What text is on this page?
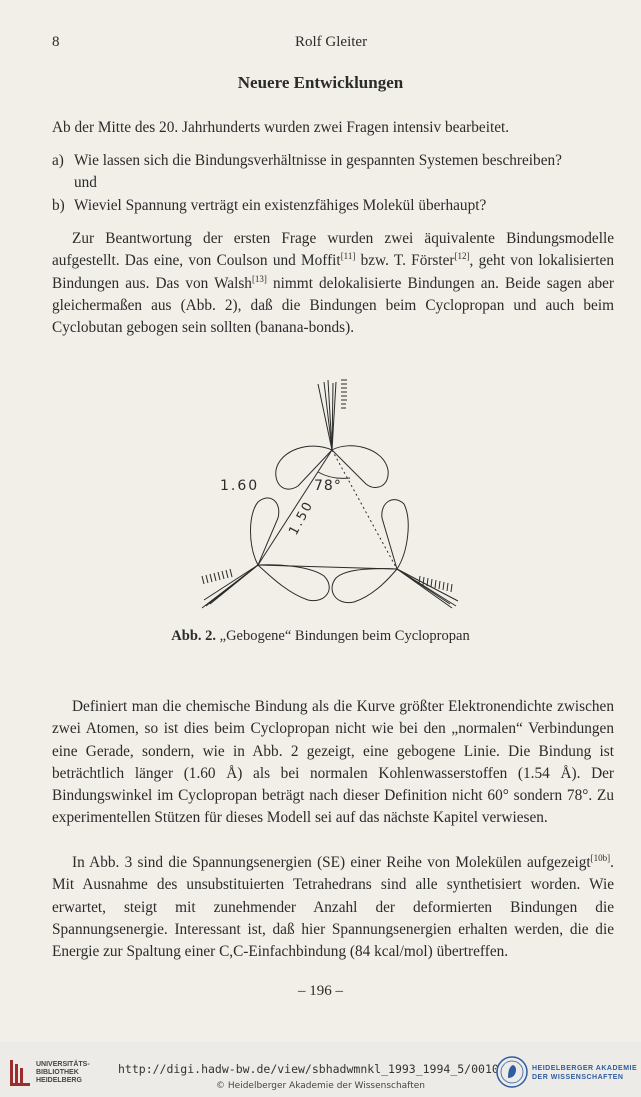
8	Rolf Gleiter
Neuere Entwicklungen

Ab der Mitte des 20. Jahrhunderts wurden zwei Fragen intensiv bearbeitet.

a) Wie lassen sich die Bindungsverhältnisse in gespannten Systemen beschreiben? und
b) Wieviel Spannung verträgt ein existenzfähiges Molekül überhaupt?

Zur Beantwortung der ersten Frage wurden zwei äquivalente Bindungsmodelle aufgestellt. Das eine, von Coulson und Moffit[11] bzw. T. Förster[12], geht von lokalisierten Bindungen aus. Das von Walsh[13] nimmt delokalisierte Bindungen an. Beide sagen aber gleichermaßen aus (Abb. 2), daß die Bindungen beim Cyclopropan und auch beim Cyclobutan gebogen sein sollten (banana-bonds).

1.60	78°
1.50
Abb. 2. „Gebogene“ Bindungen beim Cyclopropan

Definiert man die chemische Bindung als die Kurve größter Elektronendichte zwischen zwei Atomen, so ist dies beim Cyclopropan nicht wie bei den „normalen“ Verbindungen eine Gerade, sondern, wie in Abb. 2 gezeigt, eine gebogene Linie. Die Bindung ist beträchtlich länger (1.60 Å) als bei normalen Kohlenwasserstoffen (1.54 Å). Der Bindungswinkel im Cyclopropan beträgt nach dieser Definition nicht 60° sondern 78°. Zu experimentellen Stützen für dieses Modell sei auf das nächste Kapitel verwiesen.

In Abb. 3 sind die Spannungsenergien (SE) einer Reihe von Molekülen aufgezeigt[10b]. Mit Ausnahme des unsubstituierten Tetrahedrans sind alle synthetisiert worden. Wie erwartet, steigt mit zunehmender Anzahl der deformierten Bindungen die Spannungsenergie. Interessant ist, daß hier Spannungsenergien erhalten werden, die die Energie zur Spaltung einer C,C-Einfachbindung (84 kcal/mol) übertreffen.

– 196 –
UNIVERSITÄTS-
BIBLIOTHEK
HEIDELBERG
http://digi.hadw-bw.de/view/sbhadwmnkl_1993_1994_5/0010
© Heidelberger Akademie der Wissenschaften
HEIDELBERGER AKADEMIE
DER WISSENSCHAFTEN
